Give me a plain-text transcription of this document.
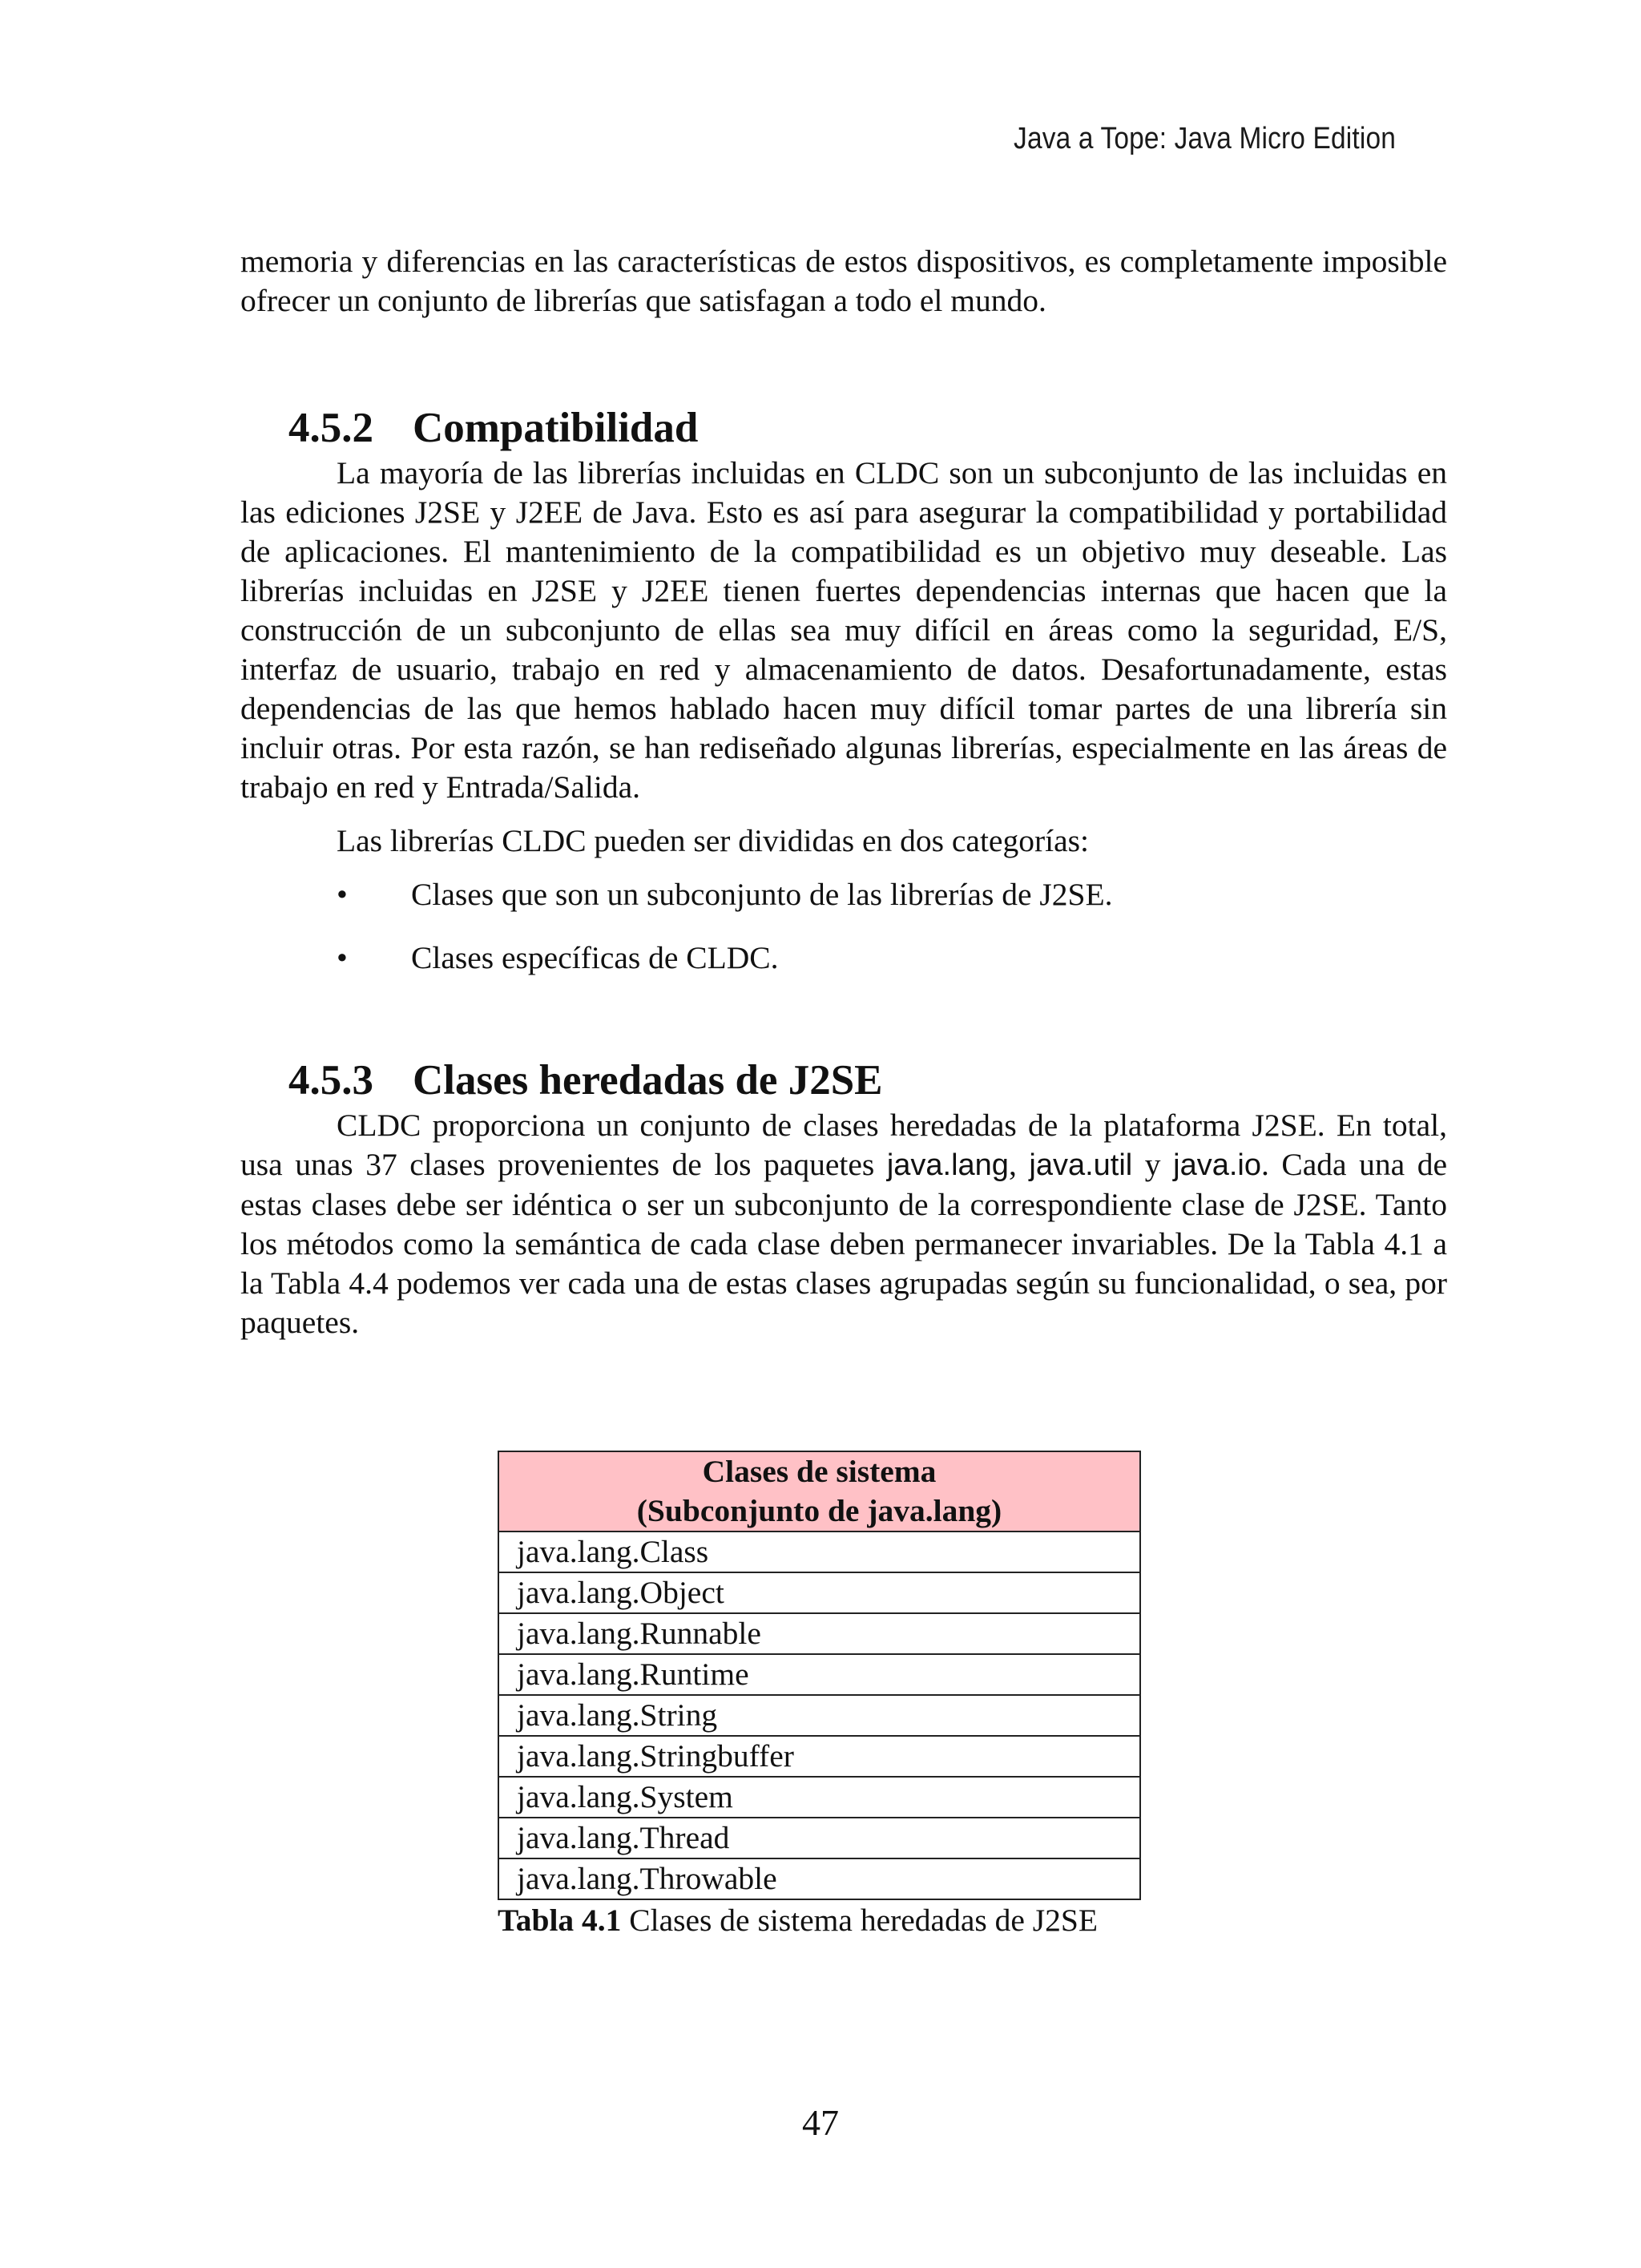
Java a Tope: Java Micro Edition

memoria y diferencias en las características de estos dispositivos, es completamente imposible ofrecer un conjunto de librerías que satisfagan a todo el mundo.

4.5.2 Compatibilidad

La mayoría de las librerías incluidas en CLDC son un subconjunto de las incluidas en las ediciones J2SE y J2EE de Java. Esto es así para asegurar la compatibilidad y portabilidad de aplicaciones. El mantenimiento de la compatibilidad es un objetivo muy deseable. Las librerías incluidas en J2SE y J2EE tienen fuertes dependencias internas que hacen que la construcción de un subconjunto de ellas sea muy difícil en áreas como la seguridad, E/S, interfaz de usuario, trabajo en red y almacenamiento de datos. Desafortunadamente, estas dependencias de las que hemos hablado hacen muy difícil tomar partes de una librería sin incluir otras. Por esta razón, se han rediseñado algunas librerías, especialmente en las áreas de trabajo en red y Entrada/Salida.

Las librerías CLDC pueden ser divididas en dos categorías:

• Clases que son un subconjunto de las librerías de J2SE.
• Clases específicas de CLDC.
4.5.3 Clases heredadas de J2SE

CLDC proporciona un conjunto de clases heredadas de la plataforma J2SE. En total, usa unas 37 clases provenientes de los paquetes java.lang, java.util y java.io. Cada una de estas clases debe ser idéntica o ser un subconjunto de la correspondiente clase de J2SE. Tanto los métodos como la semántica de cada clase deben permanecer invariables. De la Tabla 4.1 a la Tabla 4.4 podemos ver cada una de estas clases agrupadas según su funcionalidad, o sea, por paquetes.

Clases de sistema
(Subconjunto de java.lang)
java.lang.Class
java.lang.Object
java.lang.Runnable
java.lang.Runtime
java.lang.String
java.lang.Stringbuffer
java.lang.System
java.lang.Thread
java.lang.Throwable
Tabla 4.1 Clases de sistema heredadas de J2SE
47
